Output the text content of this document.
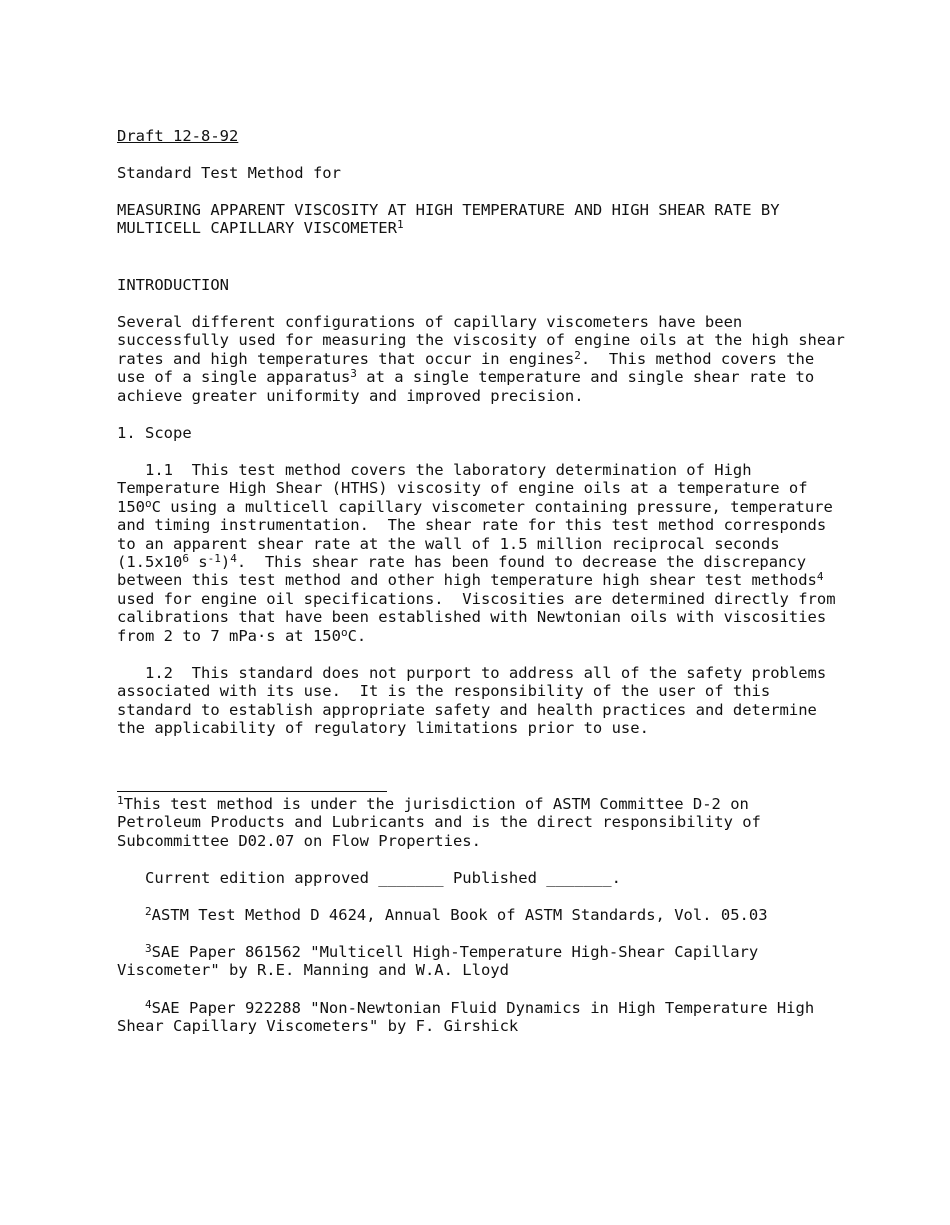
Draft 12-8-92
Standard Test Method for
MEASURING APPARENT VISCOSITY AT HIGH TEMPERATURE AND HIGH SHEAR RATE BY
MULTICELL CAPILLARY VISCOMETER$^1$
INTRODUCTION
Several different configurations of capillary viscometers have been
successfully used for measuring the viscosity of engine oils at the high shear
rates and high temperatures that occur in engines$^2$.  This method covers the
use of a single apparatus$^3$ at a single temperature and single shear rate to
achieve greater uniformity and improved precision.
1. Scope
1.1  This test method covers the laboratory determination of High
Temperature High Shear (HTHS) viscosity of engine oils at a temperature of
150$^o$C using a multicell capillary viscometer containing pressure, temperature
and timing instrumentation.  The shear rate for this test method corresponds
to an apparent shear rate at the wall of 1.5 million reciprocal seconds
($1.5x10^6$ $s^{-1})^4$.  This shear rate has been found to decrease the discrepancy
between this test method and other high temperature high shear test methods$^4$
used for engine oil specifications.  Viscosities are determined directly from
calibrations that have been established with Newtonian oils with viscosities
from 2 to 7 mPa·s at 150$^o$C.
1.2  This standard does not purport to address all of the safety problems
associated with its use.  It is the responsibility of the user of this
standard to establish appropriate safety and health practices and determine
the applicability of regulatory limitations prior to use.
$^1$This test method is under the jurisdiction of ASTM Committee D-2 on
Petroleum Products and Lubricants and is the direct responsibility of
Subcommittee D02.07 on Flow Properties.
Current edition approved _______ Published _______.
$^2$ASTM Test Method D 4624, Annual Book of ASTM Standards, Vol. 05.03
$^3$SAE Paper 861562 "Multicell High-Temperature High-Shear Capillary
Viscometer" by R.E. Manning and W.A. Lloyd
$^4$SAE Paper 922288 "Non-Newtonian Fluid Dynamics in High Temperature High
Shear Capillary Viscometers" by F. Girshick
